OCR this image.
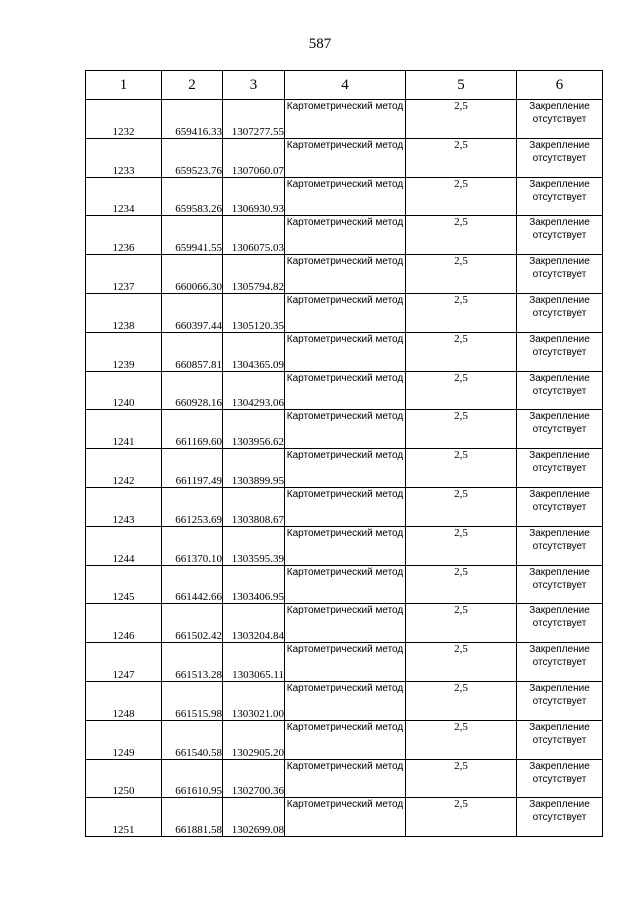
587
1	2	3	4	5	6
1232	659416.33	1307277.55	Картометрический метод	2,5	Закрепление отсутствует
1233	659523.76	1307060.07	Картометрический метод	2,5	Закрепление отсутствует
1234	659583.26	1306930.93	Картометрический метод	2,5	Закрепление отсутствует
1236	659941.55	1306075.03	Картометрический метод	2,5	Закрепление отсутствует
1237	660066.30	1305794.82	Картометрический метод	2,5	Закрепление отсутствует
1238	660397.44	1305120.35	Картометрический метод	2,5	Закрепление отсутствует
1239	660857.81	1304365.09	Картометрический метод	2,5	Закрепление отсутствует
1240	660928.16	1304293.06	Картометрический метод	2,5	Закрепление отсутствует
1241	661169.60	1303956.62	Картометрический метод	2,5	Закрепление отсутствует
1242	661197.49	1303899.95	Картометрический метод	2,5	Закрепление отсутствует
1243	661253.69	1303808.67	Картометрический метод	2,5	Закрепление отсутствует
1244	661370.10	1303595.39	Картометрический метод	2,5	Закрепление отсутствует
1245	661442.66	1303406.95	Картометрический метод	2,5	Закрепление отсутствует
1246	661502.42	1303204.84	Картометрический метод	2,5	Закрепление отсутствует
1247	661513.28	1303065.11	Картометрический метод	2,5	Закрепление отсутствует
1248	661515.98	1303021.00	Картометрический метод	2,5	Закрепление отсутствует
1249	661540.58	1302905.20	Картометрический метод	2,5	Закрепление отсутствует
1250	661610.95	1302700.36	Картометрический метод	2,5	Закрепление отсутствует
1251	661881.58	1302699.08	Картометрический метод	2,5	Закрепление отсутствует
